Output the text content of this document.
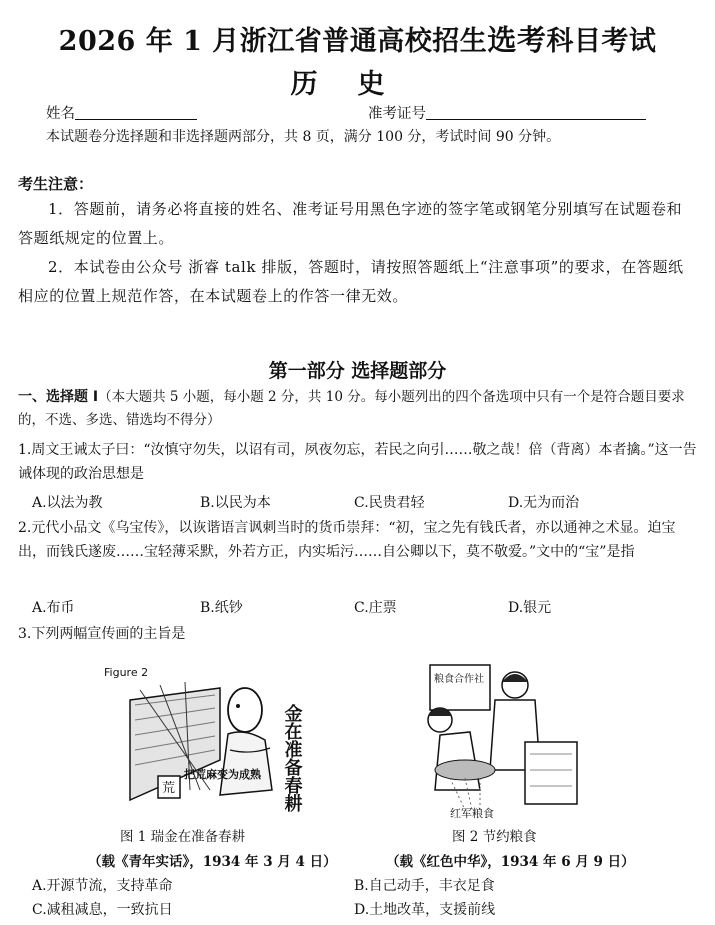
2026 年 1 月浙江省普通高校招生选考科目考试
历史
姓名	准考证号
本试题卷分选择题和非选择题两部分，共 8 页，满分 100 分，考试时间 90 分钟。
考生注意：

1．答题前，请务必将直接的姓名、准考证号用黑色字迹的签字笔或钢笔分别填写在试题卷和答题纸规定的位置上。

2．本试卷由公众号 浙睿 talk 排版，答题时，请按照答题纸上“注意事项”的要求，在答题纸相应的位置上规范作答，在本试题卷上的作答一律无效。

第一部分 选择题部分
一、选择题 I（本大题共 5 小题，每小题 2 分，共 10 分。每小题列出的四个备选项中只有一个是符合题目要求的，不选、多选、错选均不得分）
1.周文王诫太子曰：“汝慎守勿失，以诏有司，夙夜勿忘，若民之向引……敬之哉！倍（背离）本者擒。”这一告诫体现的政治思想是
A.以法为教	B.以民为本	C.民贵君轻	D.无为而治
2.元代小品文《乌宝传》，以诙谐语言讽刺当时的货币崇拜：“初，宝之先有钱氏者，亦以通神之术显。迫宝出，而钱氏遂废……宝轻薄采默，外若方正，内实垢污……自公卿以下，莫不敬爱。”文中的“宝”是指
A.布币	B.纸钞	C.庄票	D.银元
3.下列两幅宣传画的主旨是
Figure 2
荒
把荒麻变为成熟 金在准备春耕
粮食合作社
红军粮食
图 1 瑞金在准备春耕
（载《青年实话》，1934 年 3 月 4 日）
图 2 节约粮食
（载《红色中华》，1934 年 6 月 9 日）
A.开源节流，支持革命	B.自己动手，丰衣足食
C.减租减息，一致抗日	D.土地改革，支援前线
